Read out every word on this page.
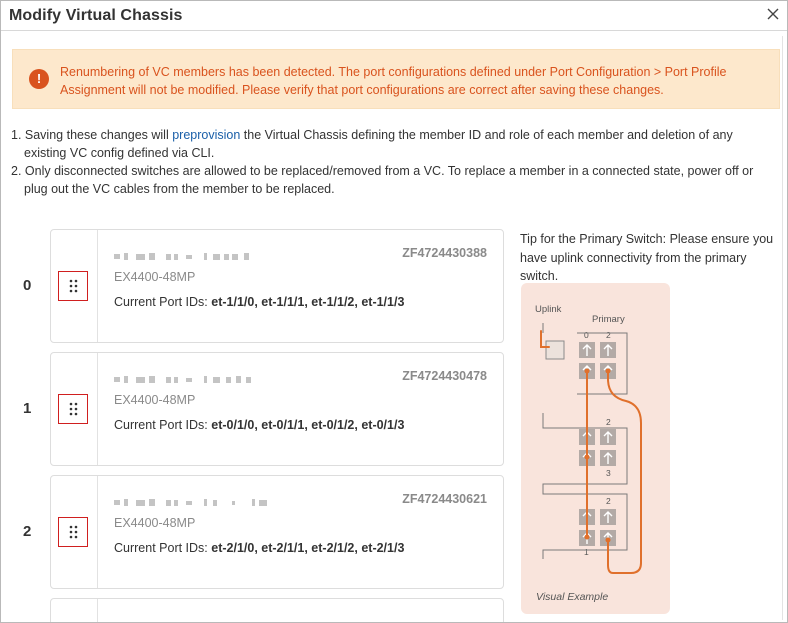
Modify Virtual Chassis
!	Renumbering of VC members has been detected. The port configurations defined under Port Configuration > Port Profile Assignment will not be modified. Please verify that port configurations are correct after saving these changes.
1. Saving these changes will preprovision the Virtual Chassis defining the member ID and role of each member and deletion of any
existing VC config defined via CLI.
2. Only disconnected switches are allowed to be replaced/removed from a VC. To replace a member in a connected state, power off or
plug out the VC cables from the member to be replaced.
0
ZF4724430388
EX4400-48MP
Current Port IDs: et-1/1/0, et-1/1/1, et-1/1/2, et-1/1/3
1
ZF4724430478
EX4400-48MP
Current Port IDs: et-0/1/0, et-0/1/1, et-0/1/2, et-0/1/3
2
ZF4724430621
EX4400-48MP
Current Port IDs: et-2/1/0, et-2/1/1, et-2/1/2, et-2/1/3
Tip for the Primary Switch: Please ensure you have uplink connectivity from the primary switch.
Uplink
Primary
0 2
2
3
2
1
Visual Example
